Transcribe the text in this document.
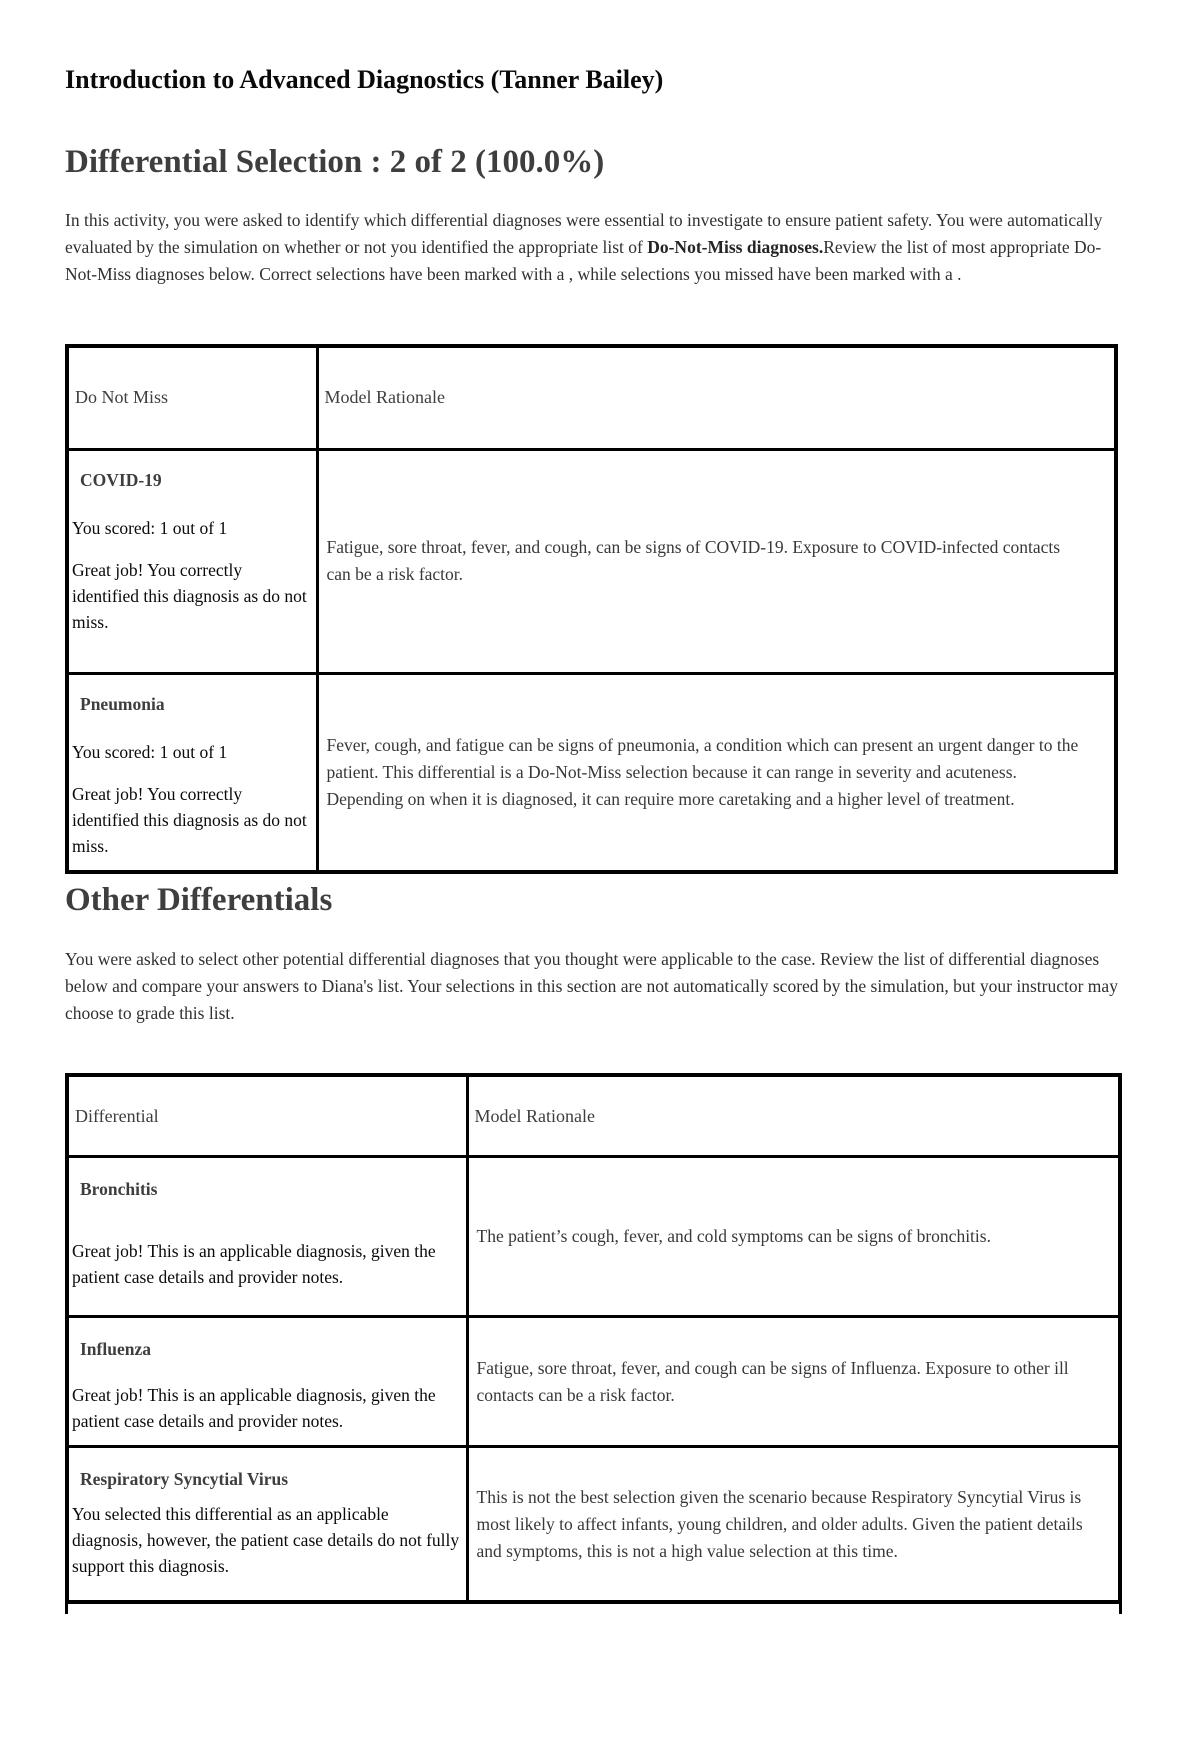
Introduction to Advanced Diagnostics (Tanner Bailey)
Differential Selection : 2 of 2 (100.0%)

In this activity, you were asked to identify which differential diagnoses were essential to investigate to ensure patient safety. You were automatically evaluated by the simulation on whether or not you identified the appropriate list of Do-Not-Miss diagnoses.Review the list of most appropriate Do-Not-Miss diagnoses below. Correct selections have been marked with a , while selections you missed have been marked with a .

Do Not Miss	Model Rationale

COVID-19

You scored: 1 out of 1

Great job! You correctly identified this diagnosis as do not miss.

	Fatigue, sore throat, fever, and cough, can be signs of COVID-19. Exposure to COVID-infected contacts can be a risk factor.

Pneumonia

You scored: 1 out of 1

Great job! You correctly identified this diagnosis as do not miss.

	Fever, cough, and fatigue can be signs of pneumonia, a condition which can present an urgent danger to the patient. This differential is a Do-Not-Miss selection because it can range in severity and acuteness. Depending on when it is diagnosed, it can require more caretaking and a higher level of treatment.
Other Differentials

You were asked to select other potential differential diagnoses that you thought were applicable to the case. Review the list of differential diagnoses below and compare your answers to Diana's list. Your selections in this section are not automatically scored by the simulation, but your instructor may choose to grade this list.

Differential	Model Rationale

Bronchitis

Great job! This is an applicable diagnosis, given the patient case details and provider notes.

	The patient’s cough, fever, and cold symptoms can be signs of bronchitis.

Influenza

Great job! This is an applicable diagnosis, given the patient case details and provider notes.

	Fatigue, sore throat, fever, and cough can be signs of Influenza. Exposure to other ill contacts can be a risk factor.

Respiratory Syncytial Virus

You selected this differential as an applicable diagnosis, however, the patient case details do not fully support this diagnosis.

	This is not the best selection given the scenario because Respiratory Syncytial Virus is most likely to affect infants, young children, and older adults. Given the patient details and symptoms, this is not a high value selection at this time.
